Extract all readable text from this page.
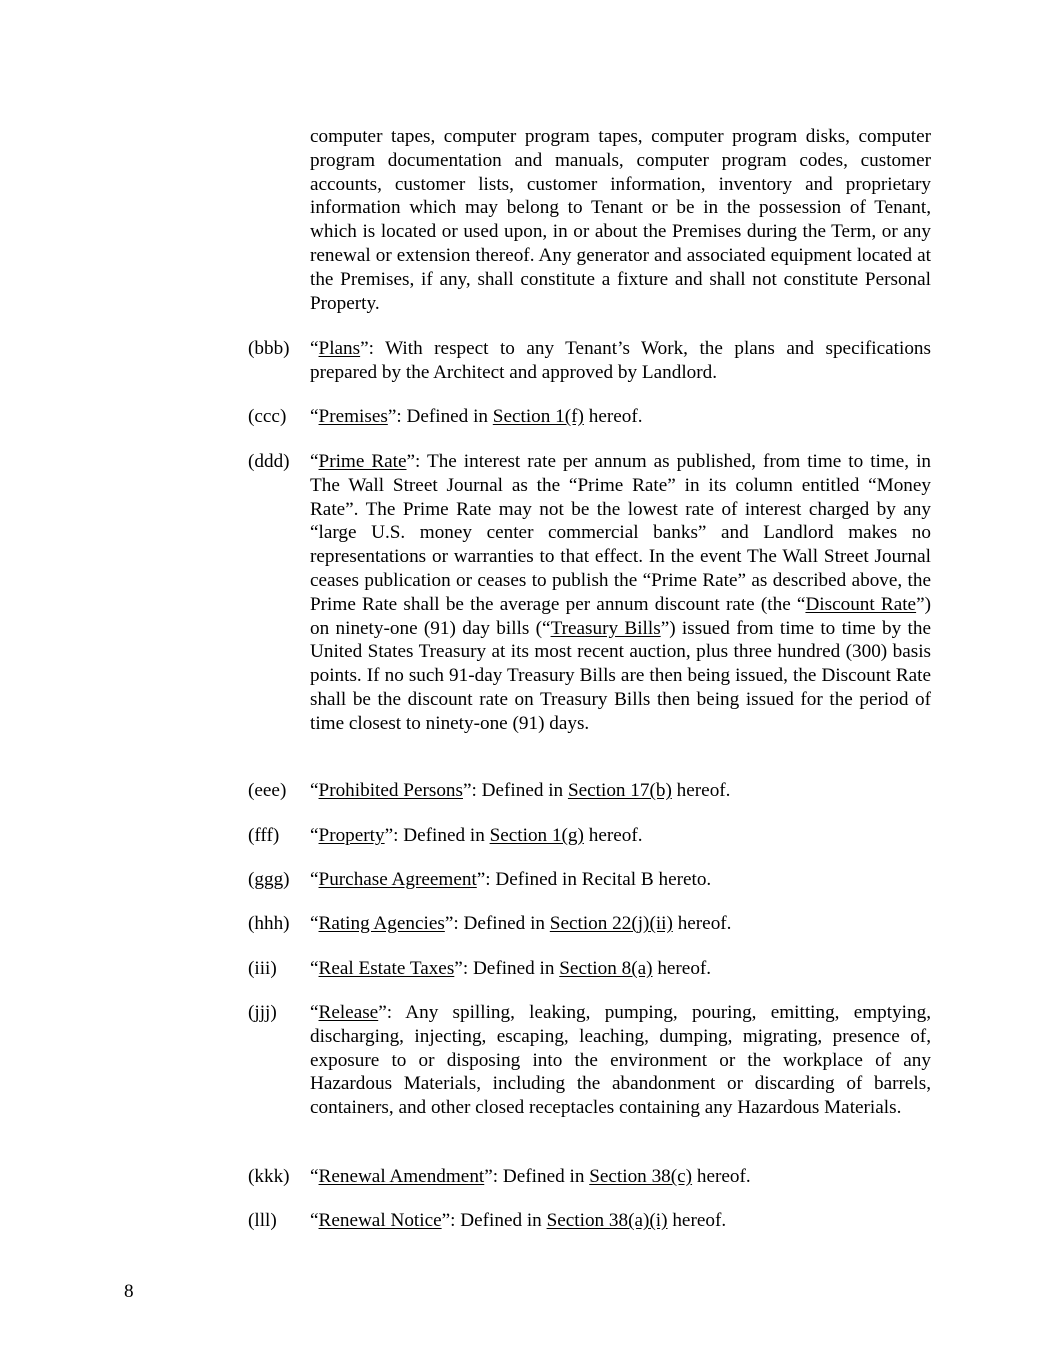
computer tapes, computer program tapes, computer program disks, computer program documentation and manuals, computer program codes, customer accounts, customer lists, customer information, inventory and proprietary information which may belong to Tenant or be in the possession of Tenant, which is located or used upon, in or about the Premises during the Term, or any renewal or extension thereof. Any generator and associated equipment located at the Premises, if any, shall constitute a fixture and shall not constitute Personal Property.

(bbb)	“Plans”: With respect to any Tenant’s Work, the plans and specifications prepared by the Architect and approved by Landlord.
(ccc)	“Premises”: Defined in Section 1(f) hereof.
(ddd)	“Prime Rate”: The interest rate per annum as published, from time to time, in The Wall Street Journal as the “Prime Rate” in its column entitled “Money Rate”. The Prime Rate may not be the lowest rate of interest charged by any “large U.S. money center commercial banks” and Landlord makes no representations or warranties to that effect. In the event The Wall Street Journal ceases publication or ceases to publish the “Prime Rate” as described above, the Prime Rate shall be the average per annum discount rate (the “Discount Rate”) on ninety-one (91) day bills (“Treasury Bills”) issued from time to time by the United States Treasury at its most recent auction, plus three hundred (300) basis points. If no such 91-day Treasury Bills are then being issued, the Discount Rate shall be the discount rate on Treasury Bills then being issued for the period of time closest to ninety-one (91) days.
(eee)	“Prohibited Persons”: Defined in Section 17(b) hereof.
(fff)	“Property”: Defined in Section 1(g) hereof.
(ggg)	“Purchase Agreement”: Defined in Recital B hereto.
(hhh)	“Rating Agencies”: Defined in Section 22(j)(ii) hereof.
(iii)	“Real Estate Taxes”: Defined in Section 8(a) hereof.
(jjj)	“Release”: Any spilling, leaking, pumping, pouring, emitting, emptying, discharging, injecting, escaping, leaching, dumping, migrating, presence of, exposure to or disposing into the environment or the workplace of any Hazardous Materials, including the abandonment or discarding of barrels, containers, and other closed receptacles containing any Hazardous Materials.
(kkk)	“Renewal Amendment”: Defined in Section 38(c) hereof.
(lll)	“Renewal Notice”: Defined in Section 38(a)(i) hereof.
8
